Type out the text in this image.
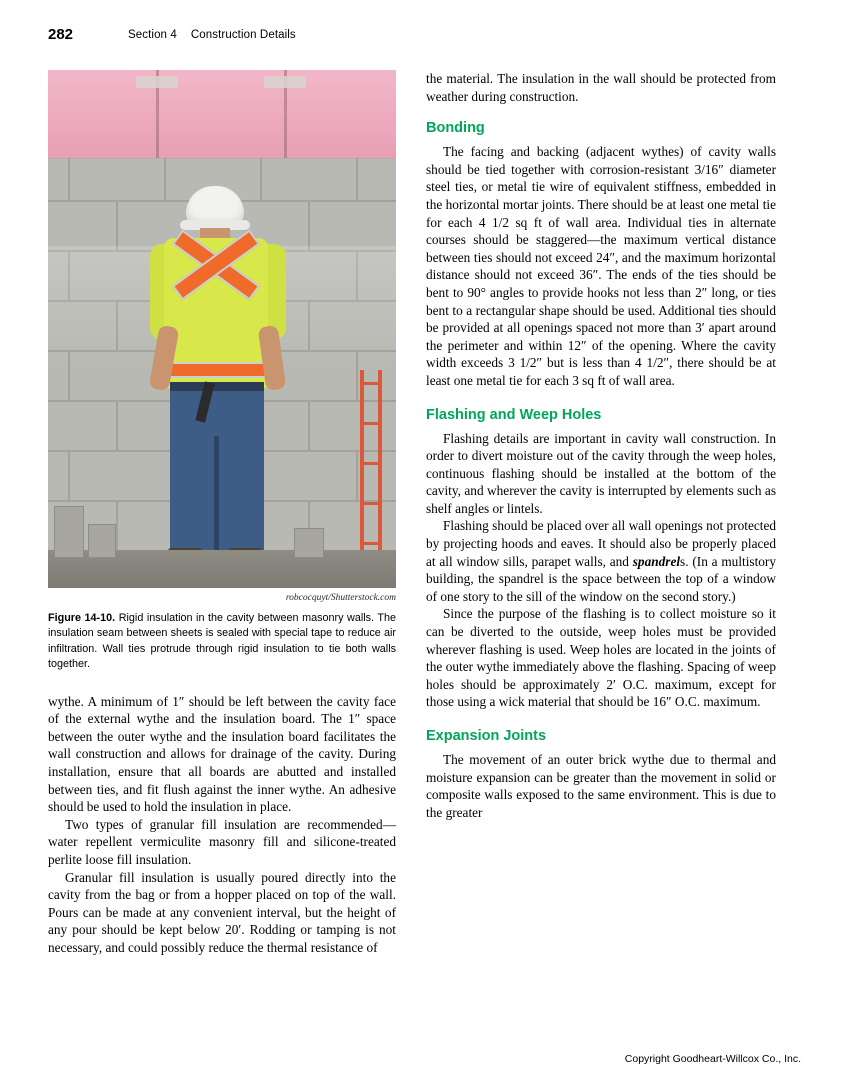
282	Section 4 Construction Details
robcocquyt/Shutterstock.com
Figure 14-10. Rigid insulation in the cavity between masonry walls. The insulation seam between sheets is sealed with special tape to reduce air infiltration. Wall ties protrude through rigid insulation to tie both walls together.

wythe. A minimum of 1″ should be left between the cavity face of the external wythe and the insulation board. The 1″ space between the outer wythe and the insulation board facilitates the wall construction and allows for drainage of the cavity. During installation, ensure that all boards are abutted and installed between ties, and fit flush against the inner wythe. An adhesive should be used to hold the insulation in place.

Two types of granular fill insulation are recommended—water repellent vermiculite masonry fill and silicone-treated perlite loose fill insulation.

Granular fill insulation is usually poured directly into the cavity from the bag or from a hopper placed on top of the wall. Pours can be made at any convenient interval, but the height of any pour should be kept below 20′. Rodding or tamping is not necessary, and could possibly reduce the thermal resistance of

the material. The insulation in the wall should be protected from weather during construction.

Bonding

The facing and backing (adjacent wythes) of cavity walls should be tied together with corrosion-resistant 3/16″ diameter steel ties, or metal tie wire of equivalent stiffness, embedded in the horizontal mortar joints. There should be at least one metal tie for each 4 1/2 sq ft of wall area. Individual ties in alternate courses should be staggered—the maximum vertical distance between ties should not exceed 24″, and the maximum horizontal distance should not exceed 36″. The ends of the ties should be bent to 90° angles to provide hooks not less than 2″ long, or ties bent to a rectangular shape should be used. Additional ties should be provided at all openings spaced not more than 3′ apart around the perimeter and within 12″ of the opening. Where the cavity width exceeds 3 1/2″ but is less than 4 1/2″, there should be at least one metal tie for each 3 sq ft of wall area.

Flashing and Weep Holes

Flashing details are important in cavity wall construction. In order to divert moisture out of the cavity through the weep holes, continuous flashing should be installed at the bottom of the cavity, and wherever the cavity is interrupted by elements such as shelf angles or lintels.

Flashing should be placed over all wall openings not protected by projecting hoods and eaves. It should also be properly placed at all window sills, parapet walls, and spandrels. (In a multistory building, the spandrel is the space between the top of a window of one story to the sill of the window on the second story.)

Since the purpose of the flashing is to collect moisture so it can be diverted to the outside, weep holes must be provided wherever flashing is used. Weep holes are located in the joints of the outer wythe immediately above the flashing. Spacing of weep holes should be approximately 2′ O.C. maximum, except for those using a wick material that should be 16″ O.C. maximum.

Expansion Joints

The movement of an outer brick wythe due to thermal and moisture expansion can be greater than the movement in solid or composite walls exposed to the same environment. This is due to the greater

Copyright Goodheart-Willcox Co., Inc.
